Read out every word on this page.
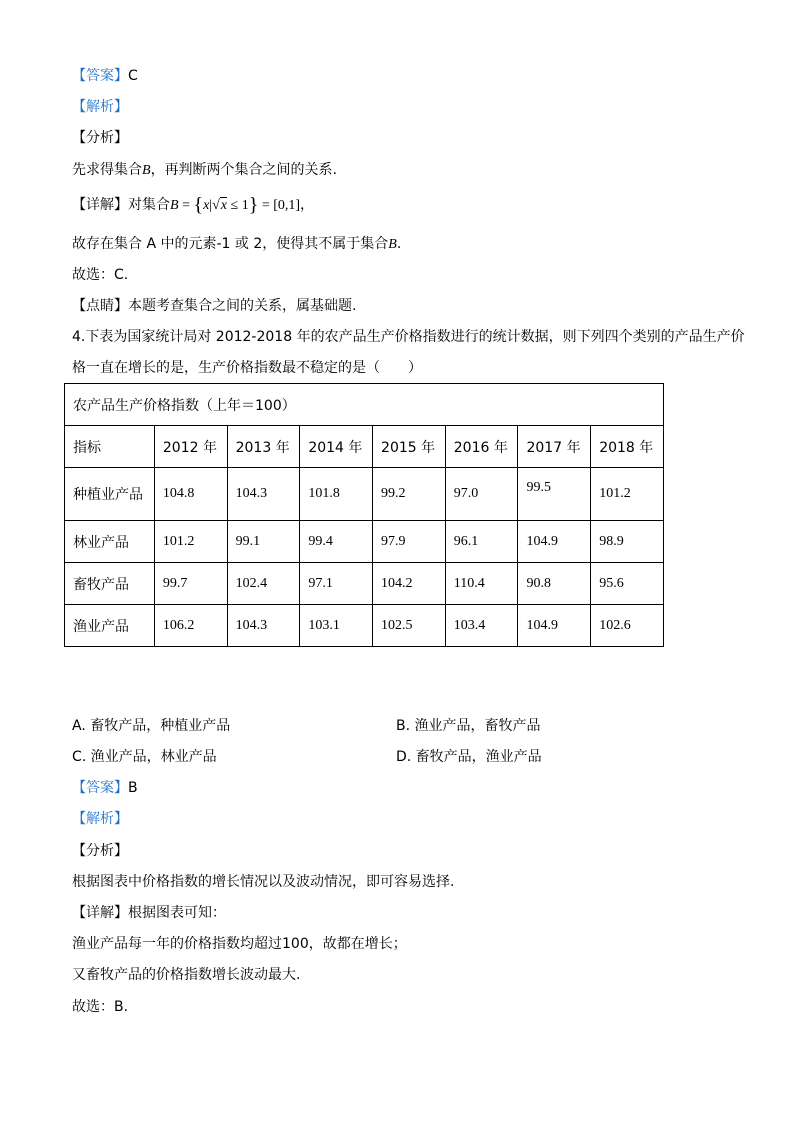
【答案】C
【解析】
【分析】
先求得集合B，再判断两个集合之间的关系.
【详解】对集合B = {x|√x ≤ 1} = [0,1]，
故存在集合 A 中的元素-1 或 2，使得其不属于集合B.
故选：C.
【点睛】本题考查集合之间的关系，属基础题.
4.下表为国家统计局对 2012-2018 年的农产品生产价格指数进行的统计数据，则下列四个类别的产品生产价
格一直在增长的是，生产价格指数最不稳定的是（　　）
农产品生产价格指数（上年＝100）							
指标	2012 年	2013 年	2014 年	2015 年	2016 年	2017 年	2018 年
种植业产品	104.8	104.3	101.8	99.2	97.0	99.5	101.2
林业产品	101.2	99.1	99.4	97.9	96.1	104.9	98.9
畜牧产品	99.7	102.4	97.1	104.2	110.4	90.8	95.6
渔业产品	106.2	104.3	103.1	102.5	103.4	104.9	102.6
A. 畜牧产品，种植业产品	B. 渔业产品，畜牧产品
C. 渔业产品，林业产品	D. 畜牧产品，渔业产品
【答案】B
【解析】
【分析】
根据图表中价格指数的增长情况以及波动情况，即可容易选择.
【详解】根据图表可知：
渔业产品每一年的价格指数均超过100，故都在增长；
又畜牧产品的价格指数增长波动最大.
故选：B.
